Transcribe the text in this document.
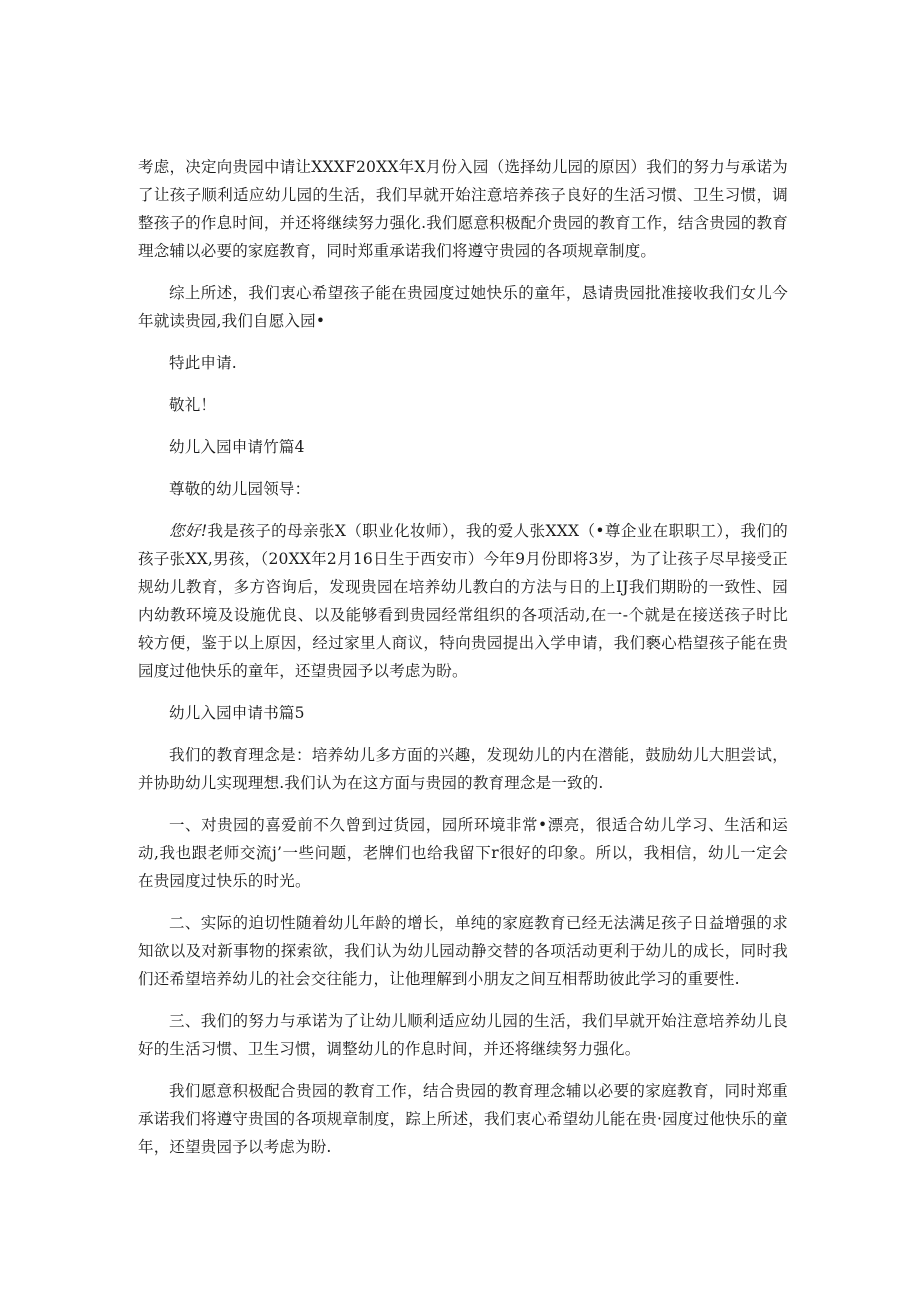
考虑，决定向贵园中请让XXXF20XX年X月份入园（选择幼儿园的原因）我们的努力与承诺为了让孩子顺利适应幼儿园的生活，我们早就开始注意培养孩子良好的生活习惯、卫生习惯，调整孩子的作息时间，并还将继续努力强化.我们愿意积极配介贵园的教育工作，结含贵园的教育理念辅以必要的家庭教育，同时郑重承诺我们将遵守贵园的各项规章制度。

综上所述，我们衷心希望孩子能在贵园度过她快乐的童年，恳请贵园批准接收我们女儿今年就读贵园,我们自愿入园•

特此申请.

敬礼！

幼儿入园申请竹篇4

尊敬的幼儿园领导：

您好!我是孩子的母亲张X（职业化妆师），我的爱人张XXX（•尊企业在职职工），我们的孩子张XX,男孩，（20XX年2月16日生于西安市）今年9月份即将3岁，为了让孩子尽早接受正规幼儿教育，多方咨询后，发现贵园在培养幼儿教白的方法与日的上IJ我们期盼的一致性、园内幼教环境及设施优良、以及能够看到贵园经常组织的各项活动,在一-个就是在接送孩子时比较方便，鉴于以上原因，经过家里人商议，特向贵园提出入学申请，我们褻心梏望孩子能在贵园度过他快乐的童年，还望贵园予以考虑为盼。

幼儿入园申请书篇5

我们的教育理念是：培养幼儿多方面的兴趣，发现幼儿的内在潜能，鼓励幼儿大胆尝试，并协助幼儿实现理想.我们认为在这方面与贵园的教育理念是一致的.

一、对贵园的喜爱前不久曾到过货园，园所环境非常•漂亮，很适合幼儿学习、生活和运动,我也跟老师交流j’一些问题，老牌们也给我留下r很好的印象。所以，我相信，幼儿一定会在贵园度过快乐的时光。

二、实际的迫切性随着幼儿年龄的增长，单纯的家庭教育已经无法满足孩子日益增强的求知欲以及对新事物的探索欲，我们认为幼儿园动静交替的各项活动更利于幼儿的成长，同时我们还希望培养幼儿的社会交往能力，让他理解到小朋友之间互相帮助彼此学习的重要性.

三、我们的努力与承诺为了让幼儿顺利适应幼儿园的生活，我们早就开始注意培养幼儿良好的生活习惯、卫生习惯，调整幼儿的作息时间，并还将继续努力强化。

我们愿意积极配合贵园的教育工作，结合贵园的教育理念辅以必要的家庭教育，同时郑重承诺我们将遵守贵国的各项规章制度，踪上所述，我们衷心希望幼儿能在贵·园度过他快乐的童年，还望贵园予以考虑为盼.
